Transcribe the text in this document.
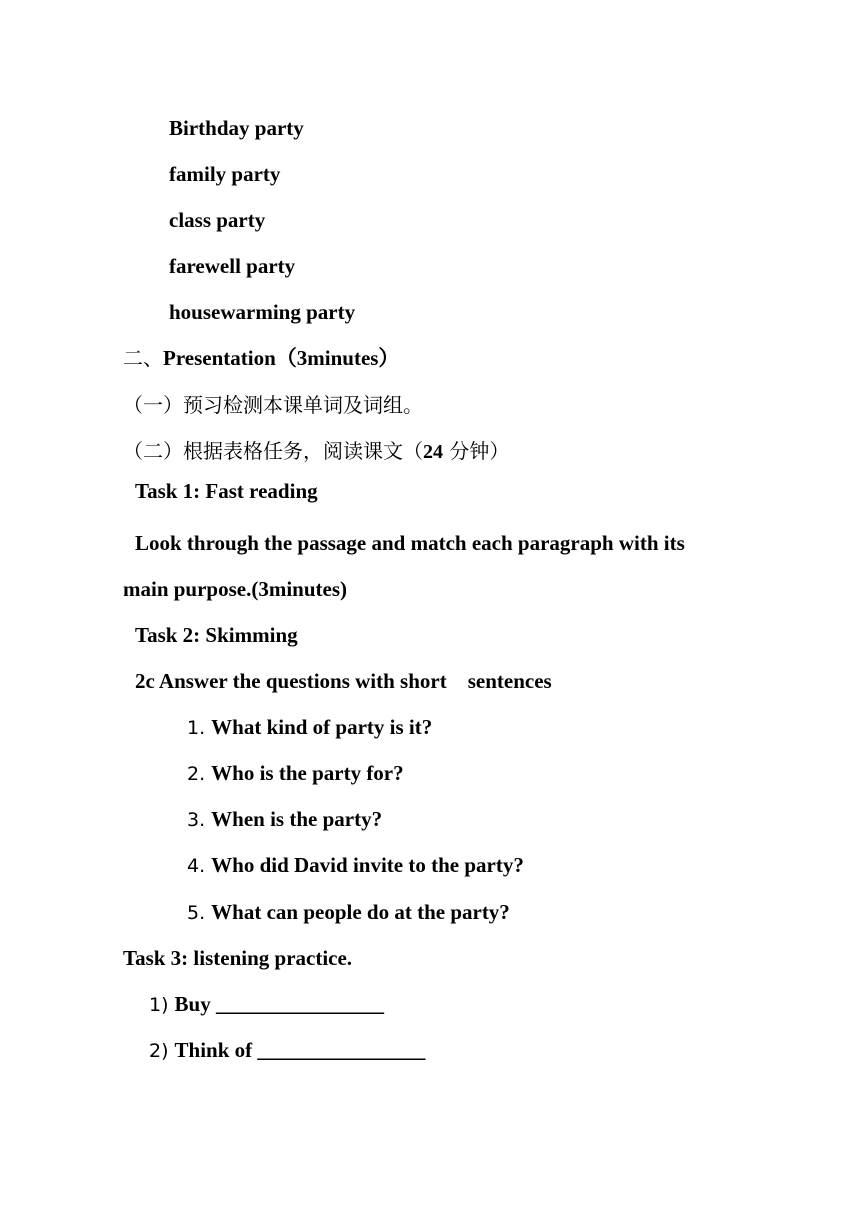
Birthday party
family party
class party
farewell party
housewarming party
二、Presentation（3minutes）
（一）预习检测本课单词及词组。
（二）根据表格任务，阅读课文（24 分钟）
Task 1: Fast reading
Look through the passage and match each paragraph with its
main purpose.(3minutes)
Task 2: Skimming
2c Answer the questions with short    sentences
1. What kind of party is it?
2. Who is the party for?
3. When is the party?
4. Who did David invite to the party?
5. What can people do at the party?
Task 3: listening practice.
1) Buy ________________
2) Think of ________________
